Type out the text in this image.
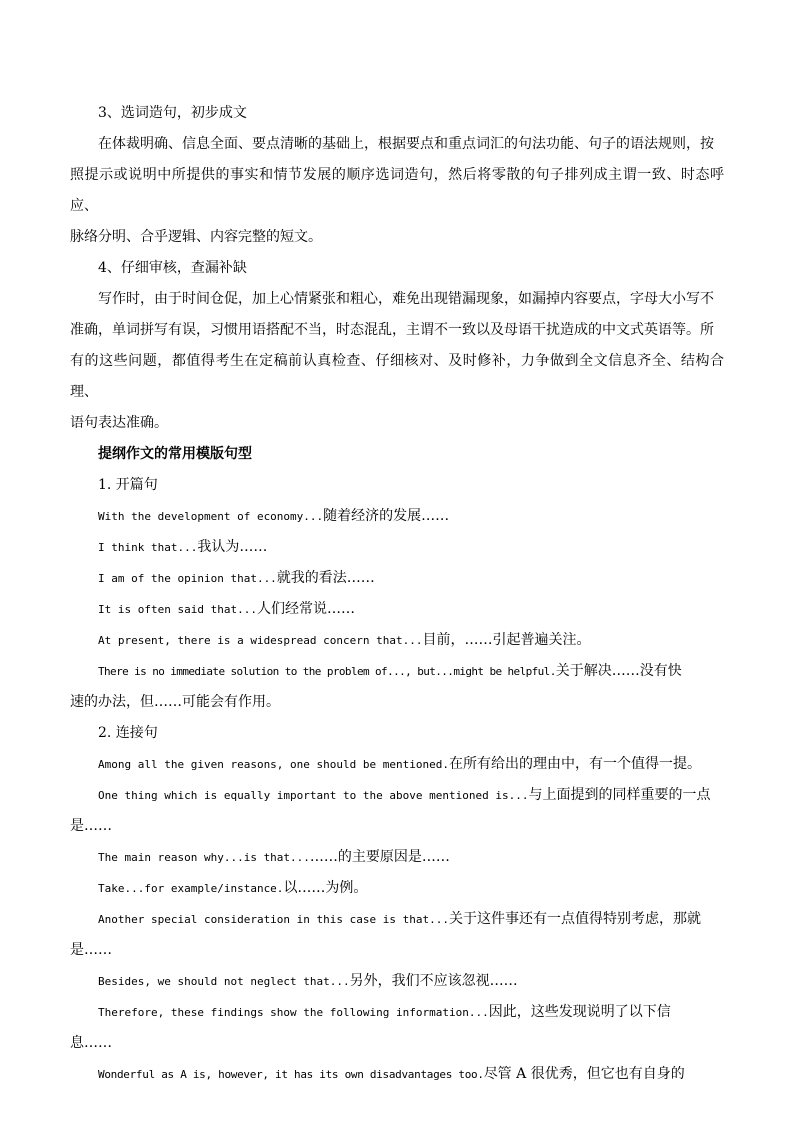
3、选词造句，初步成文

在体裁明确、信息全面、要点清晰的基础上，根据要点和重点词汇的句法功能、句子的语法规则，按
照提示或说明中所提供的事实和情节发展的顺序选词造句，然后将零散的句子排列成主谓一致、时态呼应、
脉络分明、合乎逻辑、内容完整的短文。

4、仔细审核，查漏补缺

写作时，由于时间仓促，加上心情紧张和粗心，难免出现错漏现象，如漏掉内容要点，字母大小写不
准确，单词拼写有误，习惯用语搭配不当，时态混乱，主谓不一致以及母语干扰造成的中文式英语等。所
有的这些问题，都值得考生在定稿前认真检查、仔细核对、及时修补，力争做到全文信息齐全、结构合理、
语句表达准确。

提纲作文的常用模版句型

1. 开篇句

With the development of economy...随着经济的发展……

I think that...我认为……

I am of the opinion that...就我的看法……

It is often said that...人们经常说……

At present, there is a widespread concern that...目前，……引起普遍关注。

There is no immediate solution to the problem of..., but...might be helpful.关于解决……没有快

速的办法，但……可能会有作用。

2. 连接句

Among all the given reasons, one should be mentioned.在所有给出的理由中，有一个值得一提。

One thing which is equally important to the above mentioned is...与上面提到的同样重要的一点

是……

The main reason why...is that...……的主要原因是……

Take...for example/instance.以……为例。

Another special consideration in this case is that...关于这件事还有一点值得特别考虑，那就

是……

Besides, we should not neglect that...另外，我们不应该忽视……

Therefore, these findings show the following information...因此，这些发现说明了以下信

息……

Wonderful as A is, however, it has its own disadvantages too.尽管 A 很优秀，但它也有自身的
